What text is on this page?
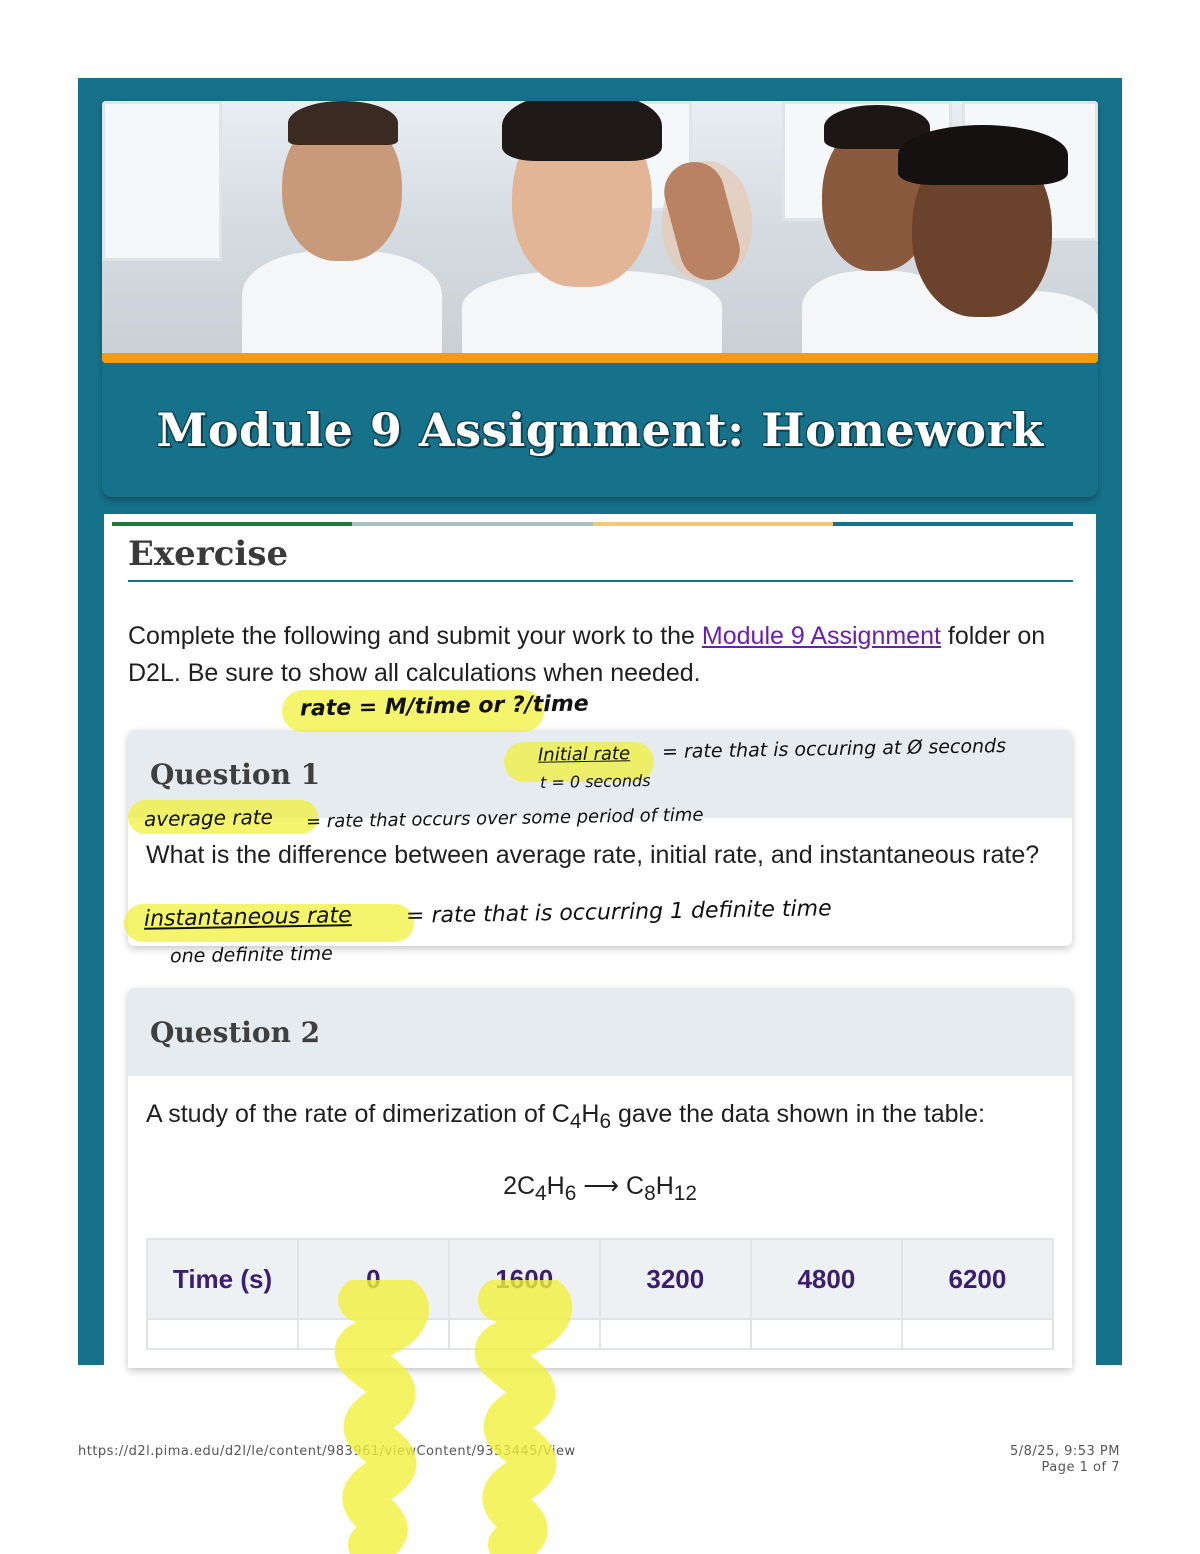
Module 9 Assignment: Homework
Exercise

Complete the following and submit your work to the Module 9 Assignment folder on D2L. Be sure to show all calculations when needed.

Question 1
What is the difference between average rate, initial rate, and instantaneous rate?
Question 2
A study of the rate of dimerization of $C_4H_6$ gave the data shown in the table:
$2C_4H_6$ ⟶ $C_8H_{12}$
Time (s)	0	1600	3200	4800	6200

https://d2l.pima.edu/d2l/le/content/983961/viewContent/9353445/View	5/8/25, 9:53 PM
Page 1 of 7
rate = M/time or ?/time
Initial rate = rate that is occuring at Ø seconds
t = 0 seconds
average rate = rate that occurs over some period of time
instantaneous rate = rate that is occurring 1 definite time
one definite time
